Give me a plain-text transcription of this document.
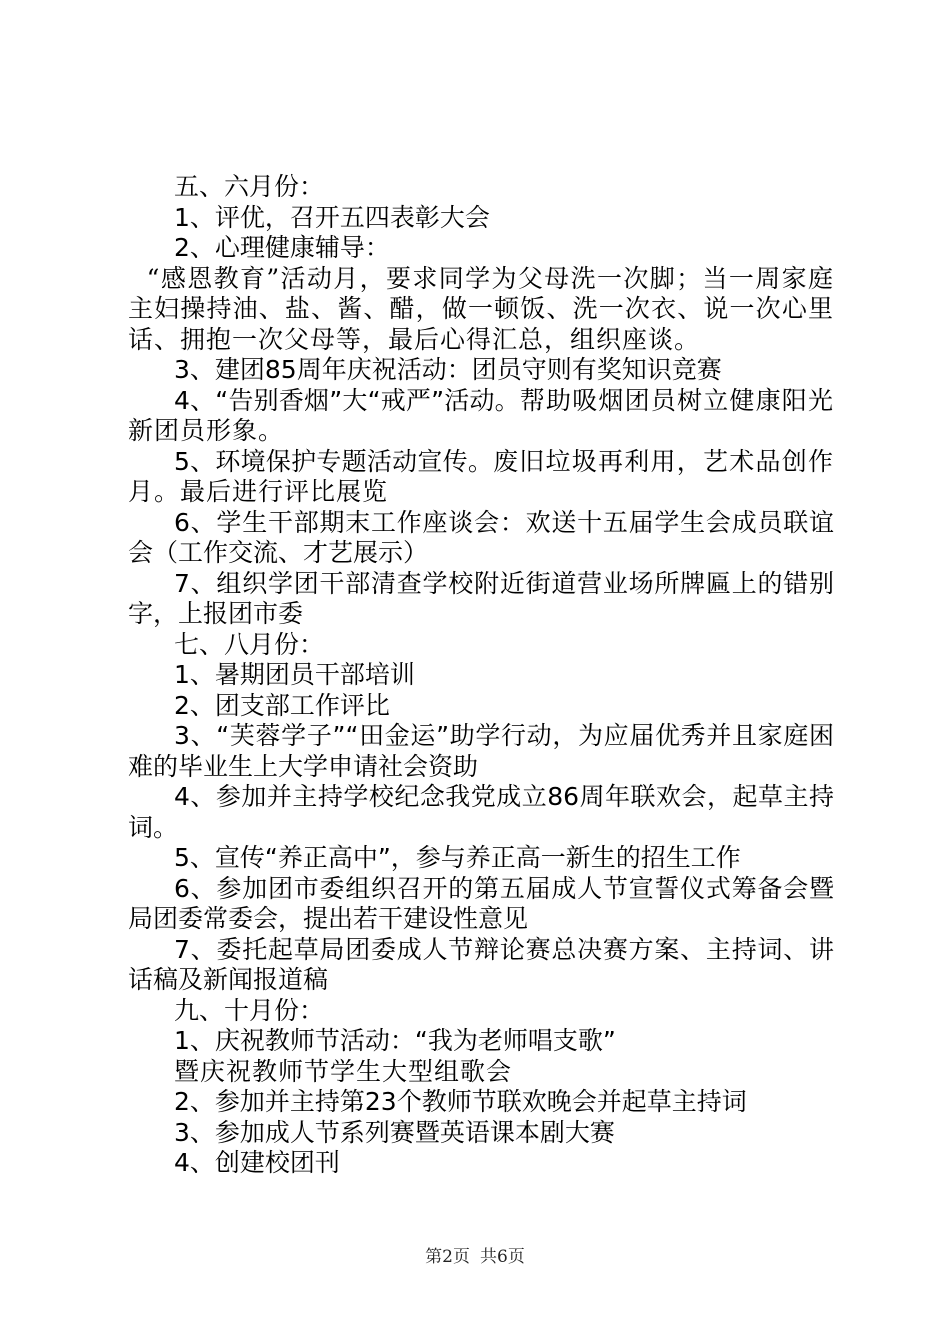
五、六月份：

1、评优，召开五四表彰大会

2、心理健康辅导：

“感恩教育”活动月，要求同学为父母洗一次脚；当一周家庭主妇操持油、盐、酱、醋，做一顿饭、洗一次衣、说一次心里话、拥抱一次父母等，最后心得汇总，组织座谈。

3、建团85周年庆祝活动：团员守则有奖知识竞赛

4、“告别香烟”大“戒严”活动。帮助吸烟团员树立健康阳光新团员形象。

5、环境保护专题活动宣传。废旧垃圾再利用，艺术品创作月。最后进行评比展览

6、学生干部期末工作座谈会：欢送十五届学生会成员联谊会（工作交流、才艺展示）

7、组织学团干部清查学校附近街道营业场所牌匾上的错别字，上报团市委

七、八月份：

1、暑期团员干部培训

2、团支部工作评比

3、“芙蓉学子”“田金运”助学行动，为应届优秀并且家庭困难的毕业生上大学申请社会资助

4、参加并主持学校纪念我党成立86周年联欢会，起草主持词。

5、宣传“养正高中”，参与养正高一新生的招生工作

6、参加团市委组织召开的第五届成人节宣誓仪式筹备会暨局团委常委会，提出若干建设性意见

7、委托起草局团委成人节辩论赛总决赛方案、主持词、讲话稿及新闻报道稿

九、十月份：

1、庆祝教师节活动：“我为老师唱支歌”

暨庆祝教师节学生大型组歌会

2、参加并主持第23个教师节联欢晚会并起草主持词

3、参加成人节系列赛暨英语课本剧大赛

4、创建校团刊

第2页 共6页
